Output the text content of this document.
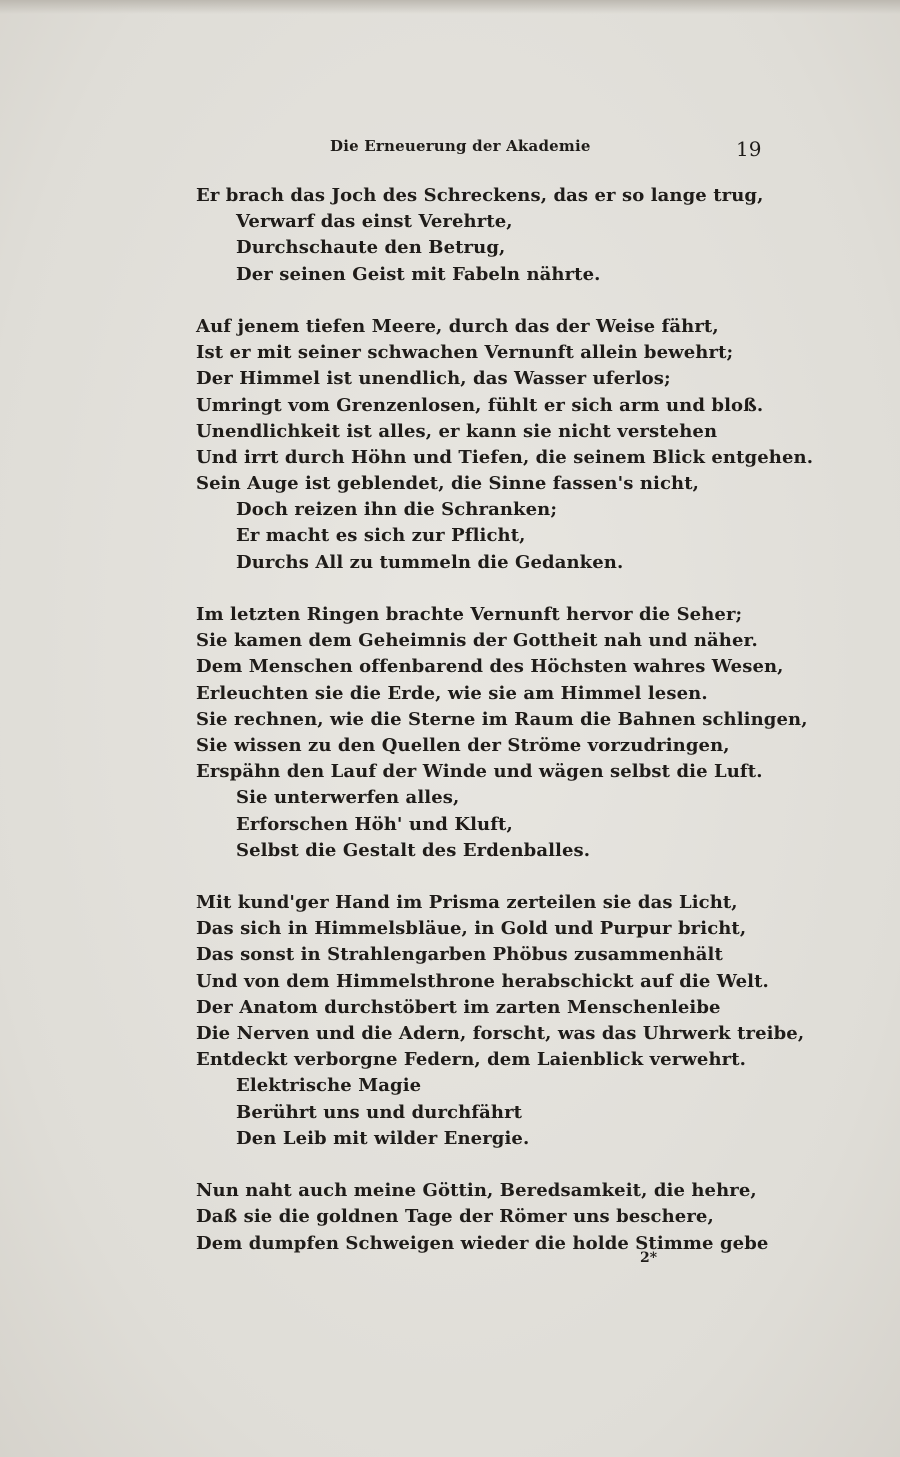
Die Erneuerung der Akademie	19
Er brach das Joch des Schreckens, das er so lange trug,
Verwarf das einst Verehrte,
Durchschaute den Betrug,
Der seinen Geist mit Fabeln nährte.
Auf jenem tiefen Meere, durch das der Weise fährt,
Ist er mit seiner schwachen Vernunft allein bewehrt;
Der Himmel ist unendlich, das Wasser uferlos;
Umringt vom Grenzenlosen, fühlt er sich arm und bloß.
Unendlichkeit ist alles, er kann sie nicht verstehen
Und irrt durch Höhn und Tiefen, die seinem Blick entgehen.
Sein Auge ist geblendet, die Sinne fassen's nicht,
Doch reizen ihn die Schranken;
Er macht es sich zur Pflicht,
Durchs All zu tummeln die Gedanken.
Im letzten Ringen brachte Vernunft hervor die Seher;
Sie kamen dem Geheimnis der Gottheit nah und näher.
Dem Menschen offenbarend des Höchsten wahres Wesen,
Erleuchten sie die Erde, wie sie am Himmel lesen.
Sie rechnen, wie die Sterne im Raum die Bahnen schlingen,
Sie wissen zu den Quellen der Ströme vorzudringen,
Erspähn den Lauf der Winde und wägen selbst die Luft.
Sie unterwerfen alles,
Erforschen Höh' und Kluft,
Selbst die Gestalt des Erdenballes.
Mit kund'ger Hand im Prisma zerteilen sie das Licht,
Das sich in Himmelsbläue, in Gold und Purpur bricht,
Das sonst in Strahlengarben Phöbus zusammenhält
Und von dem Himmelsthrone herabschickt auf die Welt.
Der Anatom durchstöbert im zarten Menschenleibe
Die Nerven und die Adern, forscht, was das Uhrwerk treibe,
Entdeckt verborgne Federn, dem Laienblick verwehrt.
Elektrische Magie
Berührt uns und durchfährt
Den Leib mit wilder Energie.
Nun naht auch meine Göttin, Beredsamkeit, die hehre,
Daß sie die goldnen Tage der Römer uns beschere,
Dem dumpfen Schweigen wieder die holde Stimme gebe
2*
